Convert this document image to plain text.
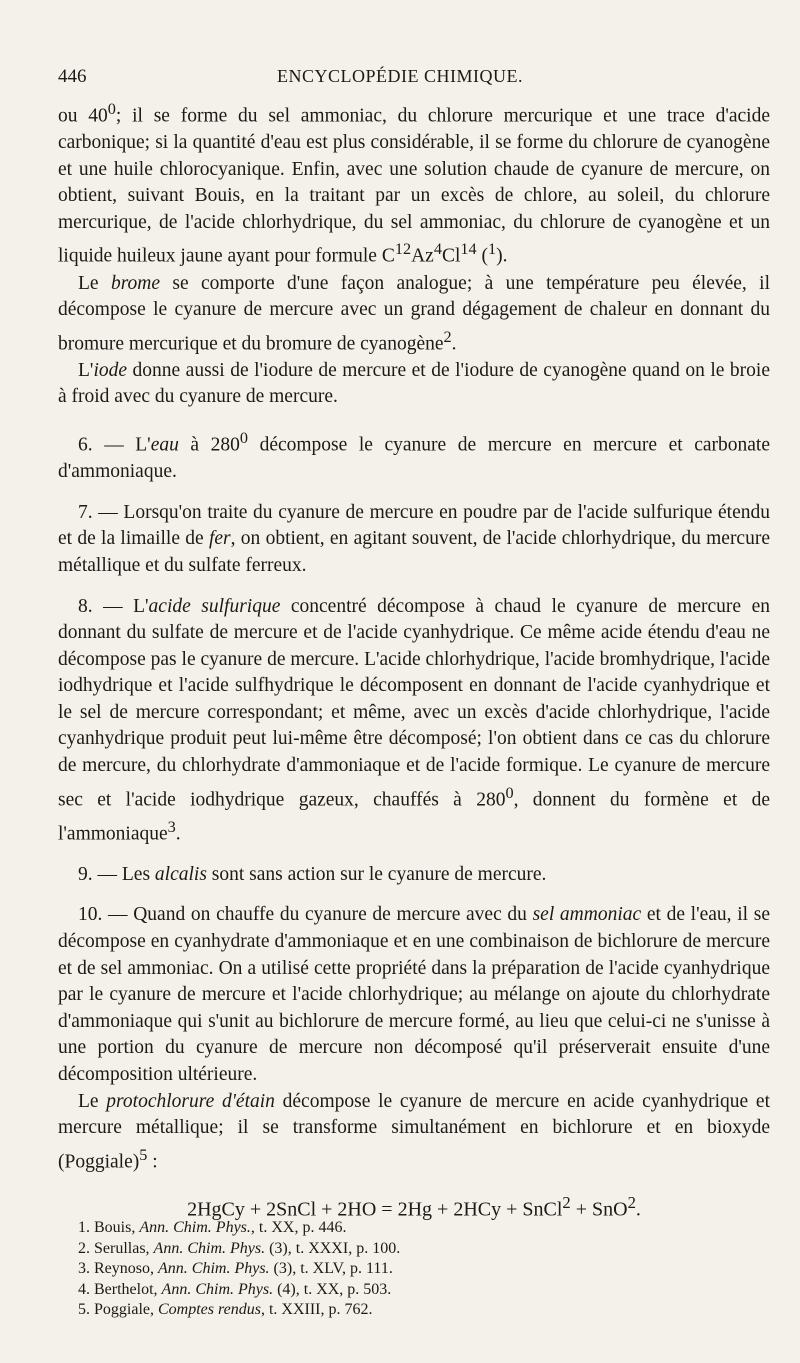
446	ENCYCLOPÉDIE CHIMIQUE.

ou $40^0$; il se forme du sel ammoniac, du chlorure mercurique et une trace d'acide carbonique; si la quantité d'eau est plus considérable, il se forme du chlorure de cyanogène et une huile chlorocyanique. Enfin, avec une solution chaude de cyanure de mercure, on obtient, suivant Bouis, en la traitant par un excès de chlore, au soleil, du chlorure mercurique, de l'acide chlorhydrique, du sel ammoniac, du chlorure de cyanogène et un liquide huileux jaune ayant pour formule $C^{12}Az^4Cl^{14}$ ($^1$).

Le brome se comporte d'une façon analogue; à une température peu élevée, il décompose le cyanure de mercure avec un grand dégagement de chaleur en donnant du bromure mercurique et du bromure de cyanogène$^2$.

L'iode donne aussi de l'iodure de mercure et de l'iodure de cyanogène quand on le broie à froid avec du cyanure de mercure.

6. — L'eau à $280^0$ décompose le cyanure de mercure en mercure et carbonate d'ammoniaque.

7. — Lorsqu'on traite du cyanure de mercure en poudre par de l'acide sulfurique étendu et de la limaille de fer, on obtient, en agitant souvent, de l'acide chlorhydrique, du mercure métallique et du sulfate ferreux.

8. — L'acide sulfurique concentré décompose à chaud le cyanure de mercure en donnant du sulfate de mercure et de l'acide cyanhydrique. Ce même acide étendu d'eau ne décompose pas le cyanure de mercure. L'acide chlorhydrique, l'acide bromhydrique, l'acide iodhydrique et l'acide sulfhydrique le décomposent en donnant de l'acide cyanhydrique et le sel de mercure correspondant; et même, avec un excès d'acide chlorhydrique, l'acide cyanhydrique produit peut lui-même être décomposé; l'on obtient dans ce cas du chlorure de mercure, du chlorhydrate d'ammoniaque et de l'acide formique. Le cyanure de mercure sec et l'acide iodhydrique gazeux, chauffés à $280^0$, donnent du formène et de l'ammoniaque$^3$.

9. — Les alcalis sont sans action sur le cyanure de mercure.

10. — Quand on chauffe du cyanure de mercure avec du sel ammoniac et de l'eau, il se décompose en cyanhydrate d'ammoniaque et en une combinaison de bichlorure de mercure et de sel ammoniac. On a utilisé cette propriété dans la préparation de l'acide cyanhydrique par le cyanure de mercure et l'acide chlorhydrique; au mélange on ajoute du chlorhydrate d'ammoniaque qui s'unit au bichlorure de mercure formé, au lieu que celui-ci ne s'unisse à une portion du cyanure de mercure non décomposé qu'il préserverait ensuite d'une décomposition ultérieure.

Le protochlorure d'étain décompose le cyanure de mercure en acide cyanhydrique et mercure métallique; il se transforme simultanément en bichlorure et en bioxyde (Poggiale)$^5$ :

2HgCy + 2SnCl + 2HO = 2Hg + 2HCy + SnCl$^2$ + SnO$^2$.

1. Bouis, Ann. Chim. Phys., t. XX, p. 446.

2. Serullas, Ann. Chim. Phys. (3), t. XXXI, p. 100.

3. Reynoso, Ann. Chim. Phys. (3), t. XLV, p. 111.

4. Berthelot, Ann. Chim. Phys. (4), t. XX, p. 503.

5. Poggiale, Comptes rendus, t. XXIII, p. 762.
